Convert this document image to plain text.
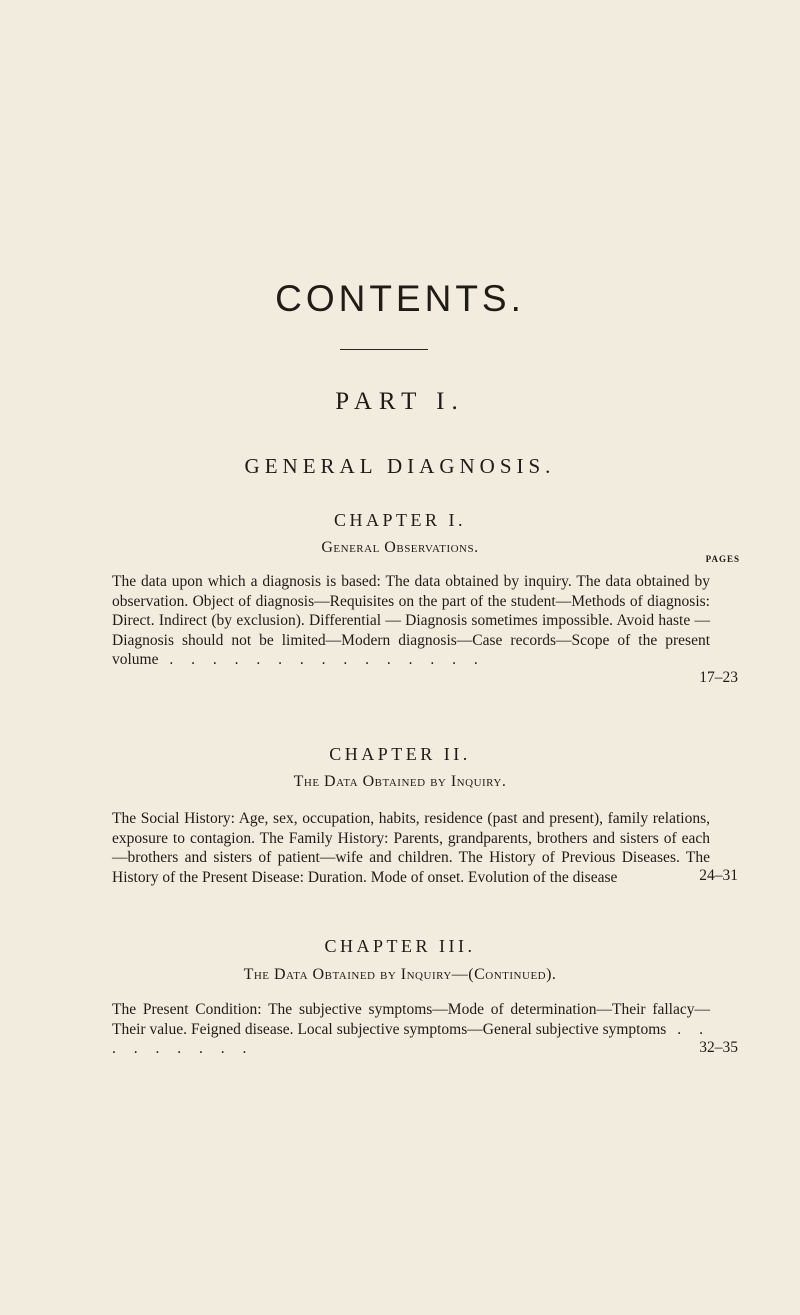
CONTENTS.
PART I.
GENERAL DIAGNOSIS.
CHAPTER I.
General Observations.
PAGES
The data upon which a diagnosis is based: The data obtained by inquiry. The data obtained by observation. Object of diagnosis—Requisites on the part of the student—Methods of diagnosis: Direct. Indirect (by exclusion). Differential — Diagnosis sometimes impossible. Avoid haste — Diagnosis should not be limited—Modern diagnosis—Case records—Scope of the present volume . . . . . . . . . . . . . . .
17–23
CHAPTER II.
The Data Obtained by Inquiry.
The Social History: Age, sex, occupation, habits, residence (past and present), family relations, exposure to contagion. The Family History: Parents, grandparents, brothers and sisters of each—brothers and sisters of patient—wife and children. The History of Previous Diseases. The History of the Present Disease: Duration. Mode of onset. Evolution of the disease	24–31
CHAPTER III.
The Data Obtained by Inquiry—(Continued).
The Present Condition: The subjective symptoms—Mode of determination—Their fallacy—Their value. Feigned disease. Local subjective symptoms—General subjective symptoms . . . . . . . . .	32–35
